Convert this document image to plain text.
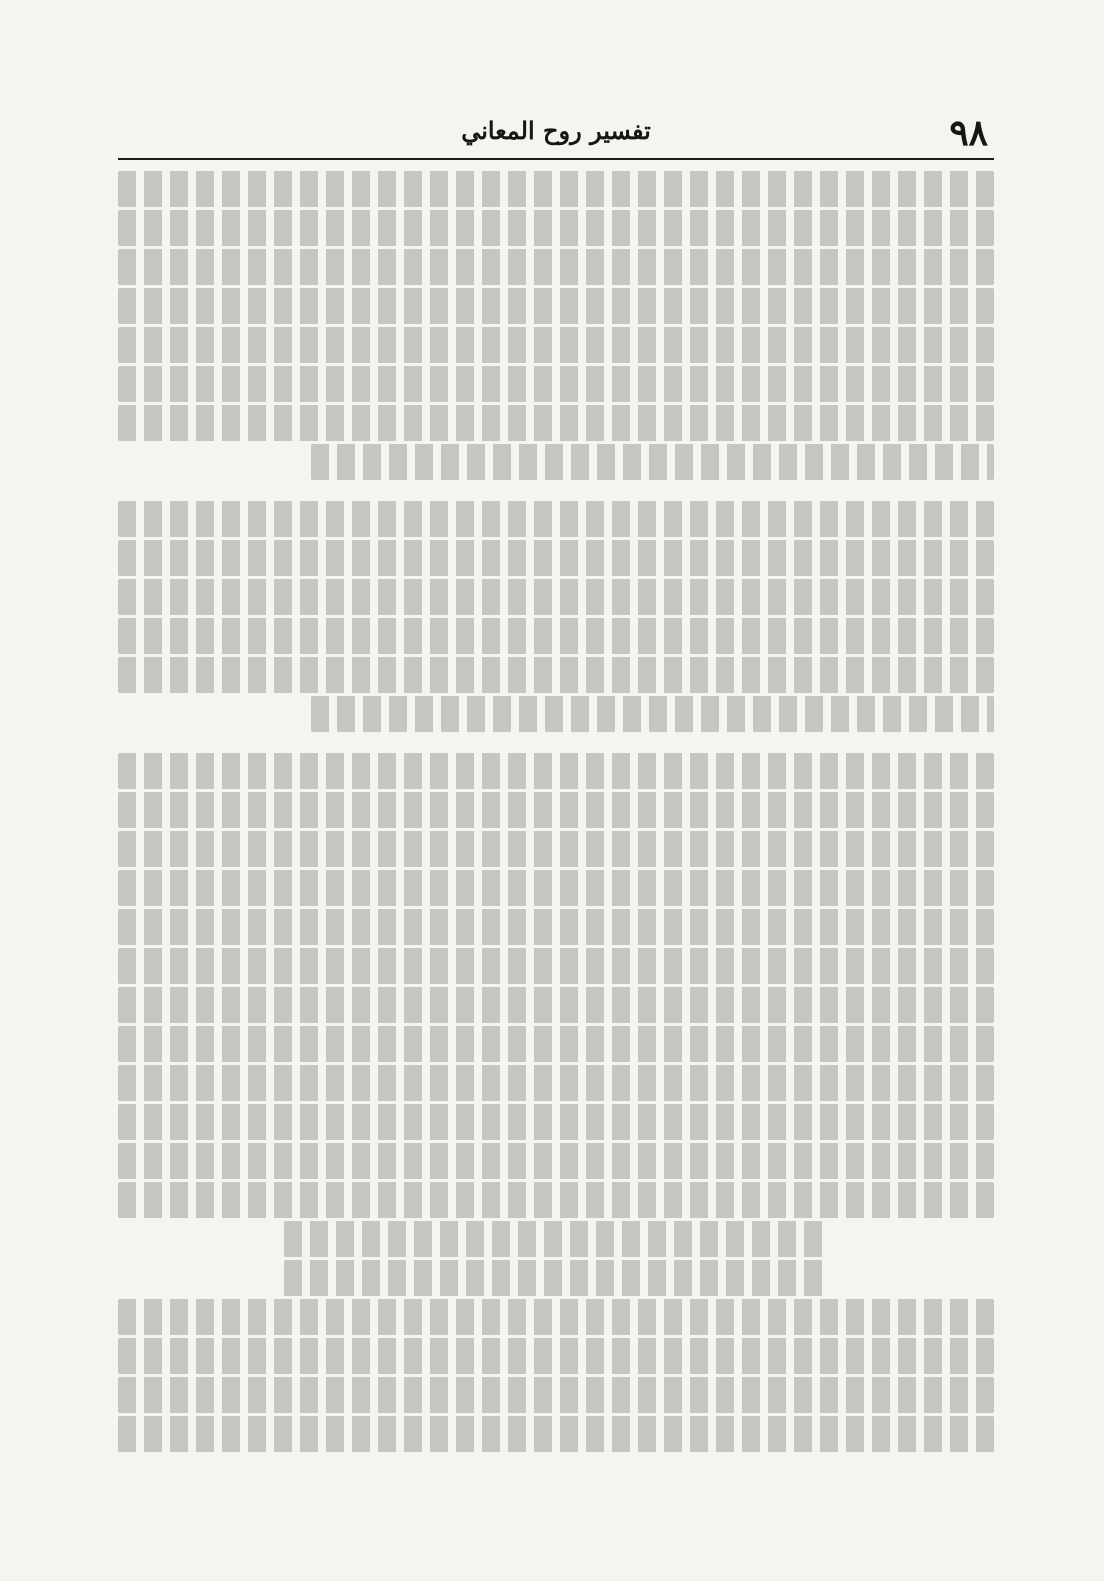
٩٨
تفسير روح المعاني
